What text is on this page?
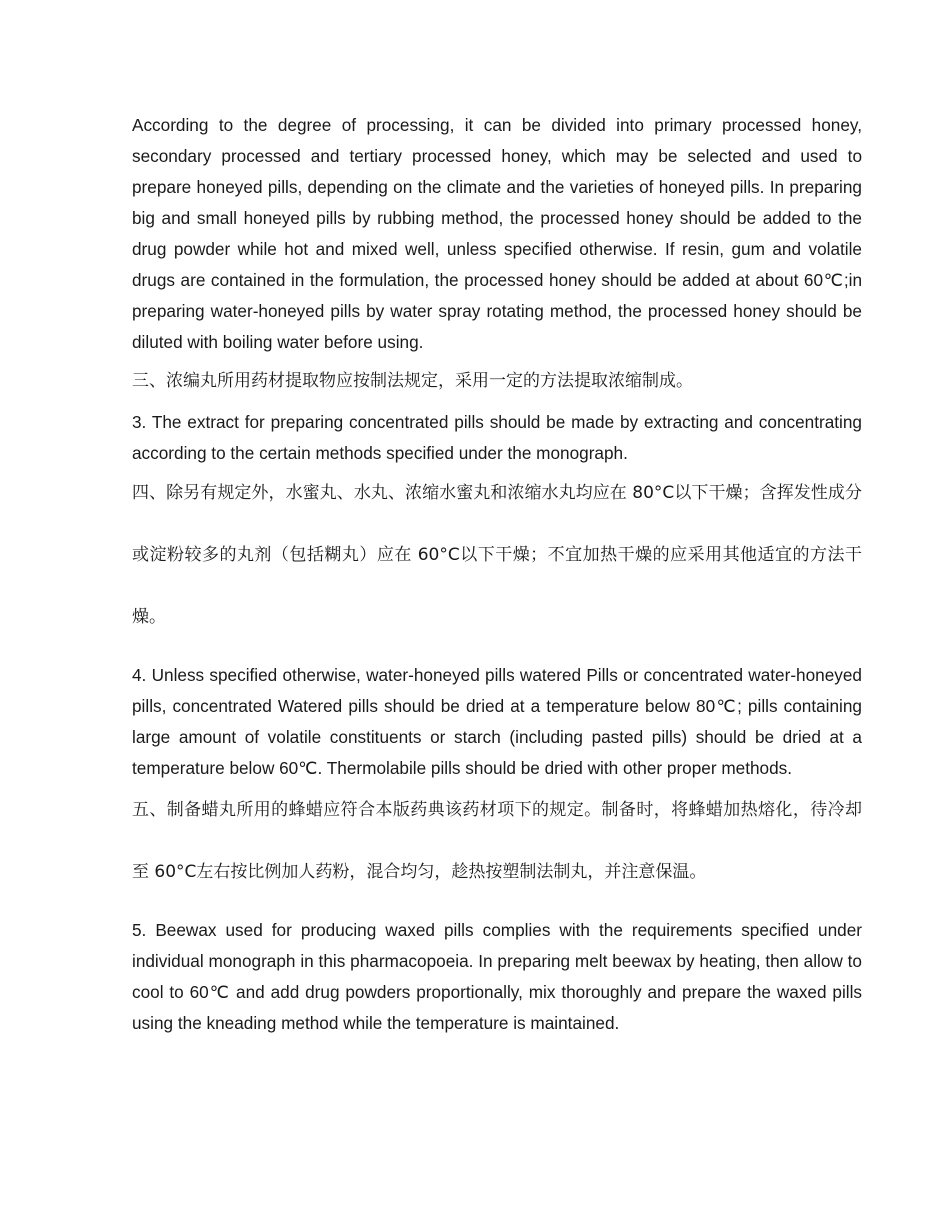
According to the degree of processing, it can be divided into primary processed honey, secondary processed and tertiary processed honey, which may be selected and used to prepare honeyed pills, depending on the climate and the varieties of honeyed pills. In preparing big and small honeyed pills by rubbing method, the processed honey should be added to the drug powder while hot and mixed well, unless specified otherwise. If resin, gum and volatile drugs are contained in the formulation, the processed honey should be added at about 60℃;in preparing water-honeyed pills by water spray rotating method, the processed honey should be diluted with boiling water before using.

三、浓编丸所用药材提取物应按制法规定，采用一定的方法提取浓缩制成。

3. The extract for preparing concentrated pills should be made by extracting and concentrating according to the certain methods specified under the monograph.

四、除另有规定外，水蜜丸、水丸、浓缩水蜜丸和浓缩水丸均应在 80°C以下干燥；含挥发性成分或淀粉较多的丸剂（包括糊丸）应在 60°C以下干燥；不宜加热干燥的应采用其他适宜的方法干燥。

4. Unless specified otherwise, water-honeyed pills watered Pills or concentrated water-honeyed pills, concentrated Watered pills should be dried at a temperature below 80℃; pills containing large amount of volatile constituents or starch (including pasted pills) should be dried at a temperature below 60℃. Thermolabile pills should be dried with other proper methods.

五、制备蜡丸所用的蜂蜡应符合本版药典该药材项下的规定。制备时，将蜂蜡加热熔化，待冷却至 60°C左右按比例加人药粉，混合均匀，趁热按塑制法制丸，并注意保温。

5. Beewax used for producing waxed pills complies with the requirements specified under individual monograph in this pharmacopoeia. In preparing melt beewax by heating, then allow to cool to 60℃ and add drug powders proportionally, mix thoroughly and prepare the waxed pills using the kneading method while the temperature is maintained.
